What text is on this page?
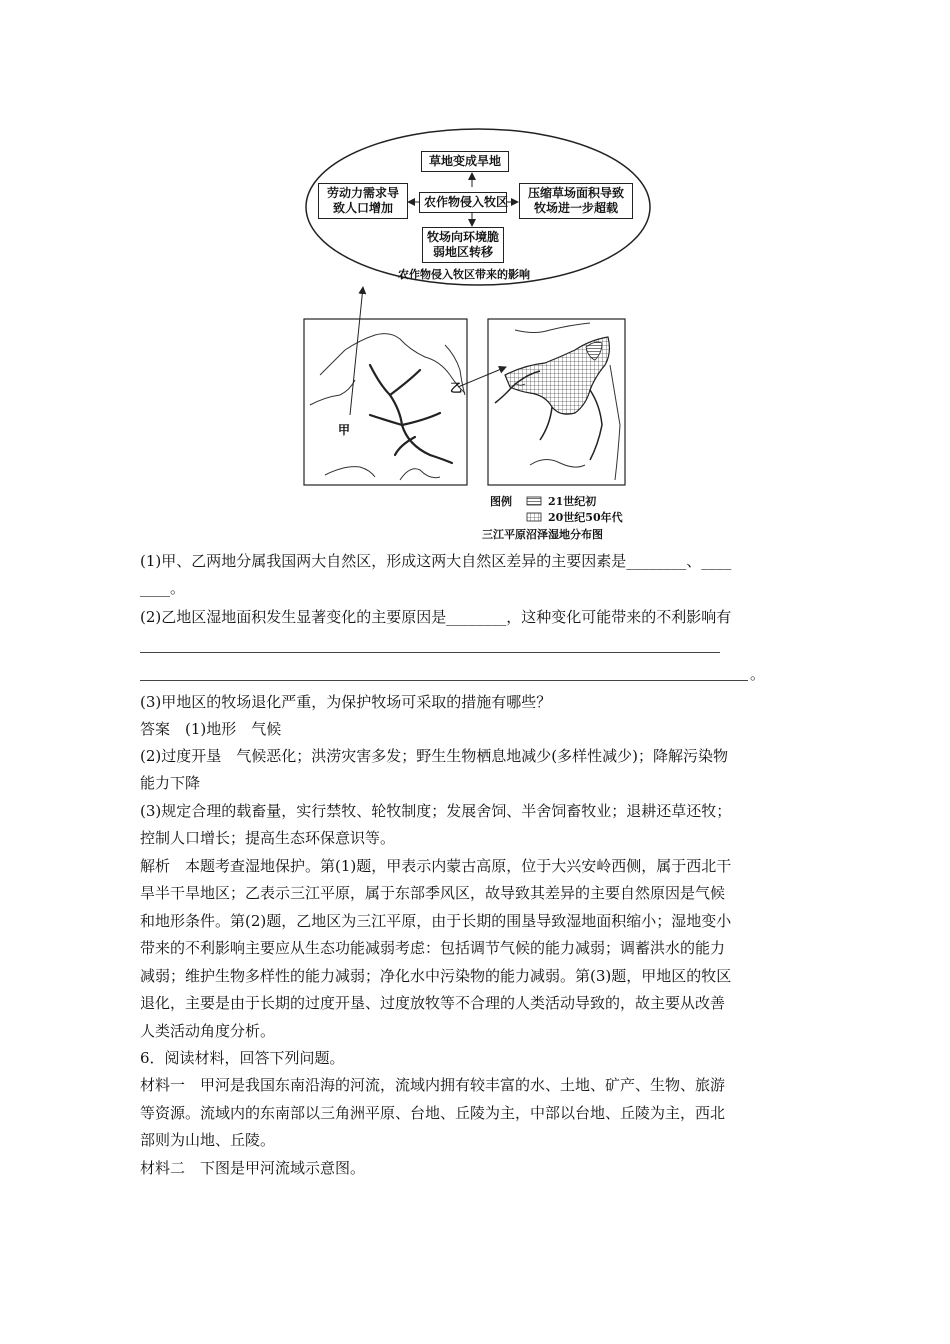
草地变成旱地
劳动力需求导
致人口增加	农作物侵入牧区
压缩草场面积导致
牧场进一步超载
牧场向环境脆
弱地区转移
农作物侵入牧区带来的影响
甲
乙
图例	21世纪初
20世纪50年代
三江平原沼泽湿地分布图
(1)甲、乙两地分属我国两大自然区，形成这两大自然区差异的主要因素是________、____
____。
(2)乙地区湿地面积发生显著变化的主要原因是________，这种变化可能带来的不利影响有
。
(3)甲地区的牧场退化严重，为保护牧场可采取的措施有哪些？
答案　(1)地形　气候
(2)过度开垦　气候恶化；洪涝灾害多发；野生生物栖息地减少(多样性减少)；降解污染物
能力下降
(3)规定合理的载畜量，实行禁牧、轮牧制度；发展舍饲、半舍饲畜牧业；退耕还草还牧；
控制人口增长；提高生态环保意识等。
解析　本题考查湿地保护。第(1)题，甲表示内蒙古高原，位于大兴安岭西侧，属于西北干
旱半干旱地区；乙表示三江平原，属于东部季风区，故导致其差异的主要自然原因是气候
和地形条件。第(2)题，乙地区为三江平原，由于长期的围垦导致湿地面积缩小；湿地变小
带来的不利影响主要应从生态功能减弱考虑：包括调节气候的能力减弱；调蓄洪水的能力
减弱；维护生物多样性的能力减弱；净化水中污染物的能力减弱。第(3)题，甲地区的牧区
退化，主要是由于长期的过度开垦、过度放牧等不合理的人类活动导致的，故主要从改善
人类活动角度分析。
6．阅读材料，回答下列问题。
材料一　甲河是我国东南沿海的河流，流域内拥有较丰富的水、土地、矿产、生物、旅游
等资源。流域内的东南部以三角洲平原、台地、丘陵为主，中部以台地、丘陵为主，西北
部则为山地、丘陵。
材料二　下图是甲河流域示意图。
